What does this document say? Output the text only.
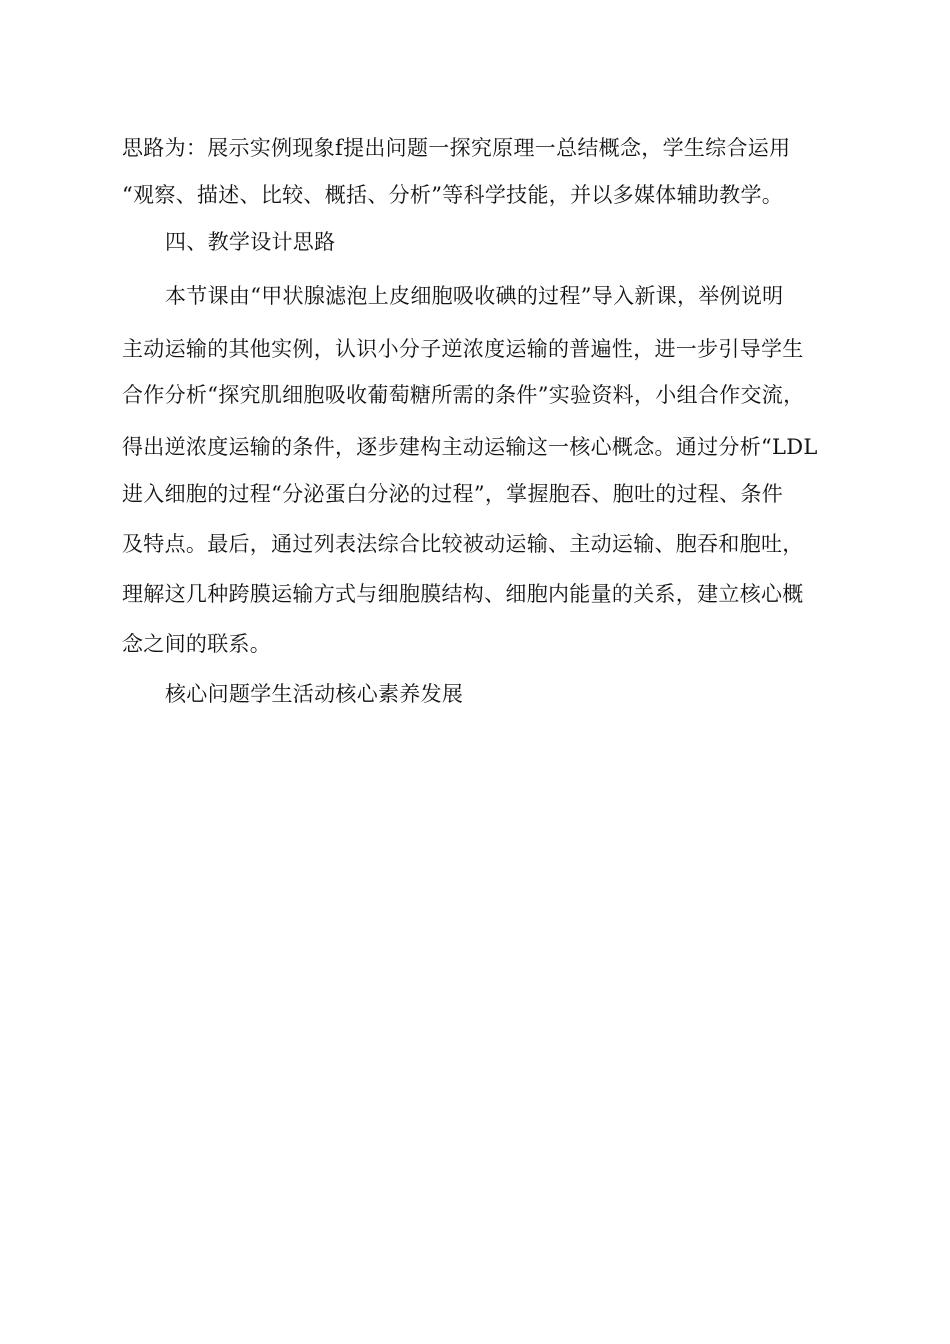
思路为：展示实例现象f提出问题一探究原理一总结概念，学生综合运用
“观察、描述、比较、概括、分析”等科学技能，并以多媒体辅助教学。
四、教学设计思路
本节课由“甲状腺滤泡上皮细胞吸收碘的过程”导入新课，举例说明
主动运输的其他实例，认识小分子逆浓度运输的普遍性，进一步引导学生
合作分析“探究肌细胞吸收葡萄糖所需的条件”实验资料，小组合作交流，
得出逆浓度运输的条件，逐步建构主动运输这一核心概念。通过分析“LDL
进入细胞的过程“分泌蛋白分泌的过程”，掌握胞吞、胞吐的过程、条件
及特点。最后，通过列表法综合比较被动运输、主动运输、胞吞和胞吐，
理解这几种跨膜运输方式与细胞膜结构、细胞内能量的关系，建立核心概
念之间的联系。
核心问题学生活动核心素养发展
